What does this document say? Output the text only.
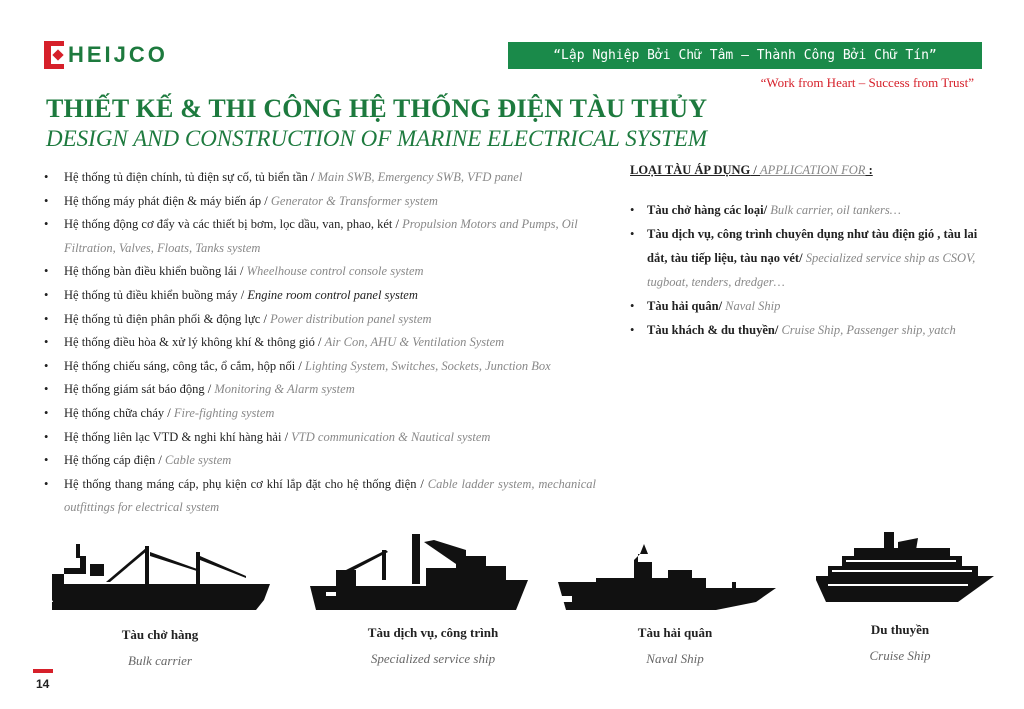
HEIJCO	“Lập Nghiệp Bởi Chữ Tâm – Thành Công Bởi Chữ Tín”
“Work from Heart – Success from Trust”
THIẾT KẾ & THI CÔNG HỆ THỐNG ĐIỆN TÀU THỦY
DESIGN AND CONSTRUCTION OF MARINE ELECTRICAL SYSTEM
• Hệ thống tủ điện chính, tủ điện sự cố, tủ biển tần / Main SWB, Emergency SWB, VFD panel
• Hệ thống máy phát điện & máy biến áp / Generator & Transformer system
• Hệ thống động cơ đẩy và các thiết bị bơm, lọc dầu, van, phao, két / Propulsion Motors and Pumps, Oil Filtration, Valves, Floats, Tanks system
• Hệ thống bàn điều khiển buồng lái / Wheelhouse control console system
• Hệ thống tủ điều khiển buồng máy / Engine room control panel system
• Hệ thống tủ điện phân phối & động lực / Power distribution panel system
• Hệ thống điều hòa & xử lý không khí & thông gió / Air Con, AHU & Ventilation System
• Hệ thống chiếu sáng, công tắc, ổ cắm, hộp nối / Lighting System, Switches, Sockets, Junction Box
• Hệ thống giám sát báo động / Monitoring & Alarm system
• Hệ thống chữa cháy / Fire-fighting system
• Hệ thống liên lạc VTD & nghi khí hàng hải / VTD communication & Nautical system
• Hệ thống cáp điện / Cable system
• Hệ thống thang máng cáp, phụ kiện cơ khí lắp đặt cho hệ thống điện / Cable ladder system, mechanical outfittings for electrical system
LOẠI TÀU ÁP DỤNG / APPLICATION FOR :
• Tàu chở hàng các loại/ Bulk carrier, oil tankers…
• Tàu dịch vụ, công trình chuyên dụng như tàu điện gió , tàu lai dắt, tàu tiếp liệu, tàu nạo vét/ Specialized service ship as CSOV, tugboat, tenders, dredger…
• Tàu hải quân/ Naval Ship
• Tàu khách & du thuyền/ Cruise Ship, Passenger ship, yatch
Tàu chở hàng
Bulk carrier
Tàu dịch vụ, công trình
Specialized service ship
Tàu hải quân
Naval Ship
Du thuyền
Cruise Ship
14
